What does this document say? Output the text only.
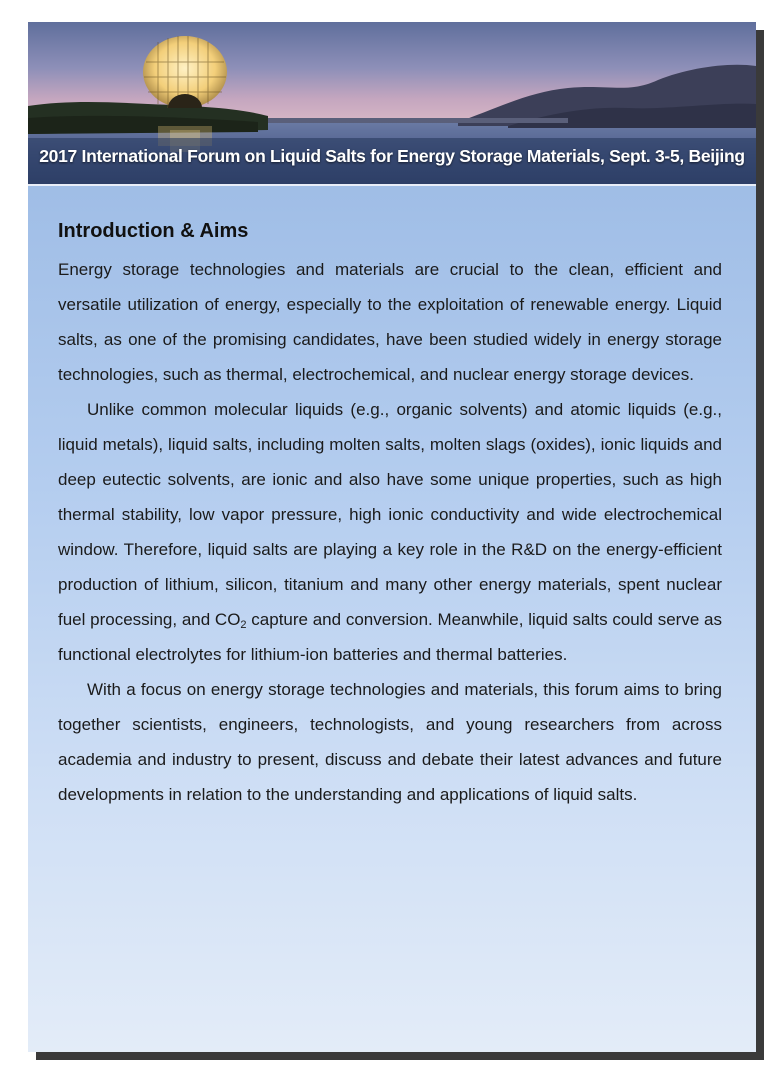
2017 International Forum on Liquid Salts for Energy Storage Materials, Sept. 3-5, Beijing
Introduction & Aims

Energy storage technologies and materials are crucial to the clean, efficient and versatile utilization of energy, especially to the exploitation of renewable energy. Liquid salts, as one of the promising candidates, have been studied widely in energy storage technologies, such as thermal, electrochemical, and nuclear energy storage devices.

Unlike common molecular liquids (e.g., organic solvents) and atomic liquids (e.g., liquid metals), liquid salts, including molten salts, molten slags (oxides), ionic liquids and deep eutectic solvents, are ionic and also have some unique properties, such as high thermal stability, low vapor pressure, high ionic conductivity and wide electrochemical window. Therefore, liquid salts are playing a key role in the R&D on the energy-efficient production of lithium, silicon, titanium and many other energy materials, spent nuclear fuel processing, and $CO_2$ capture and conversion. Meanwhile, liquid salts could serve as functional electrolytes for lithium-ion batteries and thermal batteries.

With a focus on energy storage technologies and materials, this forum aims to bring together scientists, engineers, technologists, and young researchers from across academia and industry to present, discuss and debate their latest advances and future developments in relation to the understanding and applications of liquid salts.
